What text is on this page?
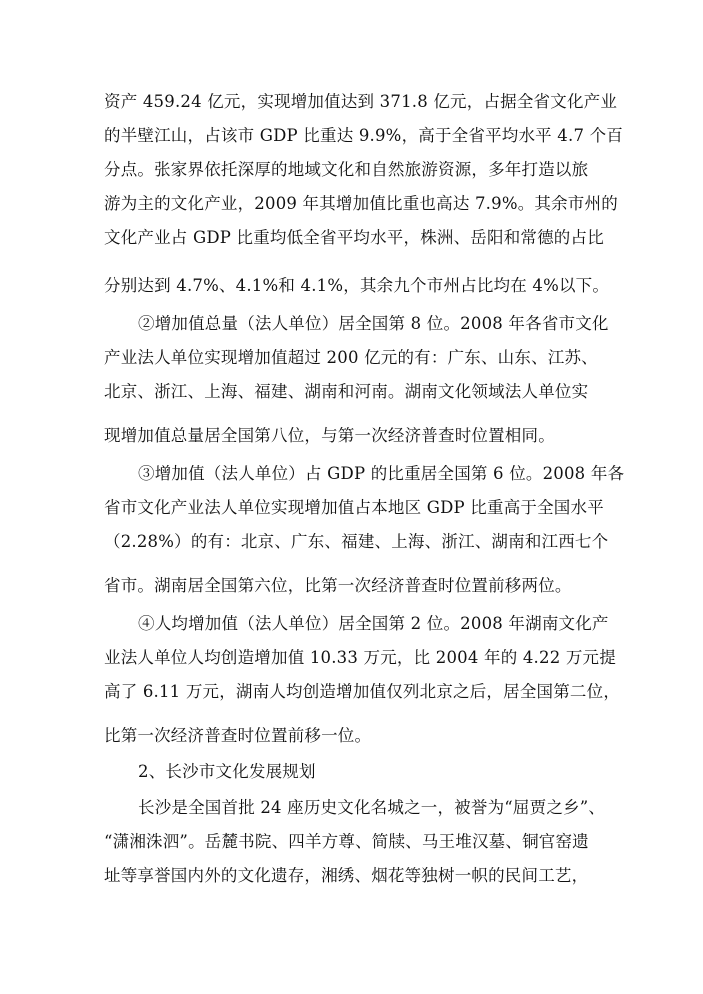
资产 459.24 亿元，实现增加值达到 371.8 亿元，占据全省文化产业
的半壁江山，占该市 GDP 比重达 9.9%，高于全省平均水平 4.7 个百
分点。张家界依托深厚的地域文化和自然旅游资源，多年打造以旅
游为主的文化产业，2009 年其增加值比重也高达 7.9%。其余市州的
文化产业占 GDP 比重均低全省平均水平，株洲、岳阳和常德的占比
分别达到 4.7%、4.1%和 4.1%，其余九个市州占比均在 4%以下。
②增加值总量（法人单位）居全国第 8 位。2008 年各省市文化
产业法人单位实现增加值超过 200 亿元的有：广东、山东、江苏、
北京、浙江、上海、福建、湖南和河南。湖南文化领域法人单位实
现增加值总量居全国第八位，与第一次经济普查时位置相同。
③增加值（法人单位）占 GDP 的比重居全国第 6 位。2008 年各
省市文化产业法人单位实现增加值占本地区 GDP 比重高于全国水平
（2.28%）的有：北京、广东、福建、上海、浙江、湖南和江西七个
省市。湖南居全国第六位，比第一次经济普查时位置前移两位。
④人均增加值（法人单位）居全国第 2 位。2008 年湖南文化产
业法人单位人均创造增加值 10.33 万元，比 2004 年的 4.22 万元提
高了 6.11 万元，湖南人均创造增加值仅列北京之后，居全国第二位，
比第一次经济普查时位置前移一位。
2、长沙市文化发展规划
长沙是全国首批 24 座历史文化名城之一，被誉为“屈贾之乡”、
“潇湘洙泗”。岳麓书院、四羊方尊、简牍、马王堆汉墓、铜官窑遗
址等享誉国内外的文化遗存，湘绣、烟花等独树一帜的民间工艺，
